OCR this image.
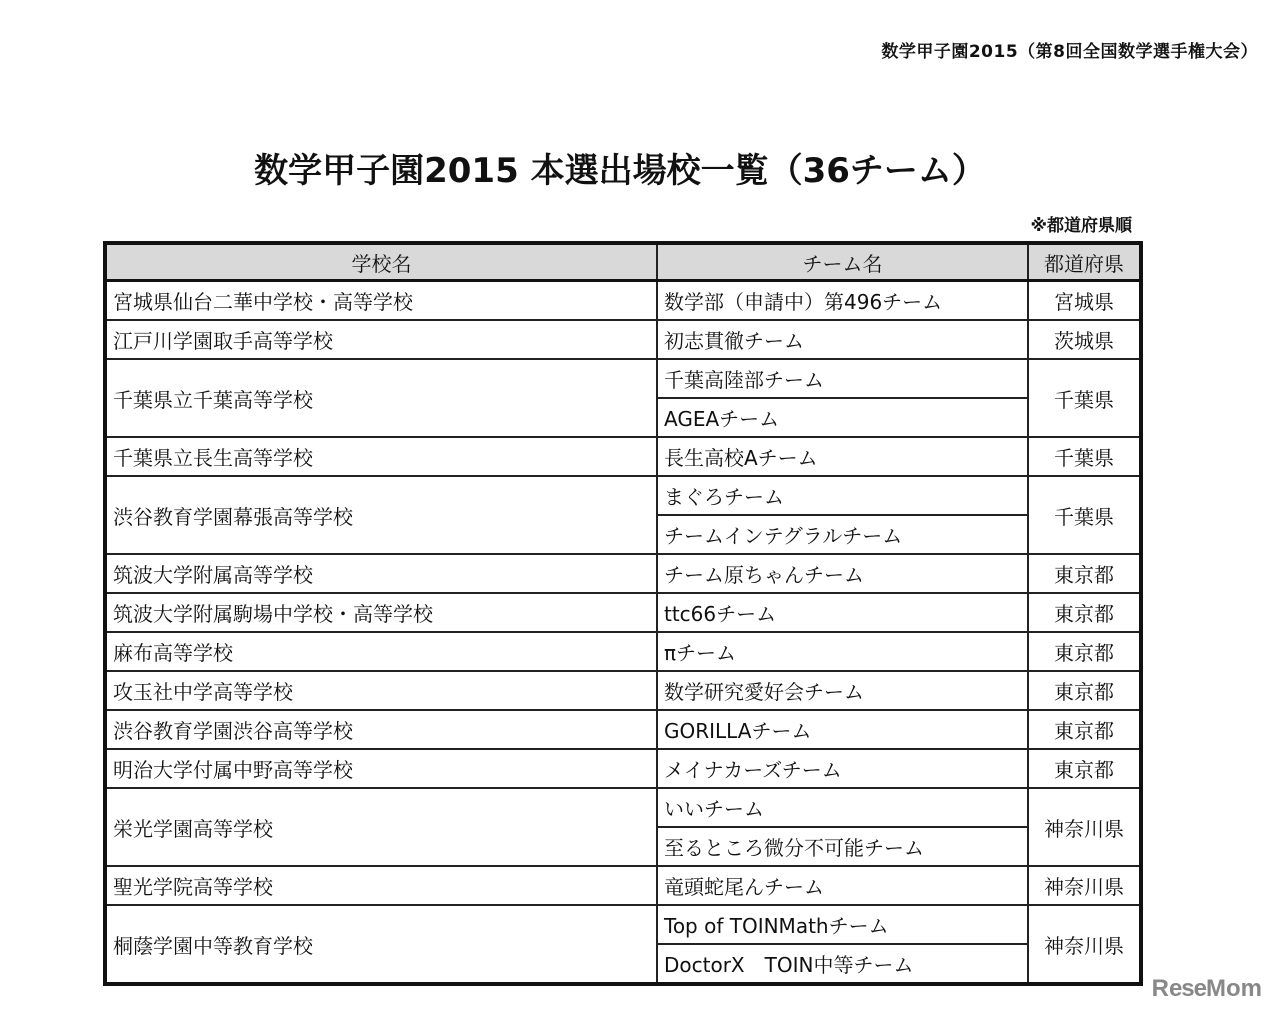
数学甲子園2015（第8回全国数学選手権大会）
数学甲子園2015 本選出場校一覧（36チーム）
※都道府県順
学校名	チーム名	都道府県
宮城県仙台二華中学校・高等学校	数学部（申請中）第496チーム	宮城県
江戸川学園取手高等学校	初志貫徹チーム	茨城県
千葉県立千葉高等学校	千葉高陸部チーム	千葉県
	AGEAチーム	
千葉県立長生高等学校	長生高校Aチーム	千葉県
渋谷教育学園幕張高等学校	まぐろチーム	千葉県
	チームインテグラルチーム	
筑波大学附属高等学校	チーム原ちゃんチーム	東京都
筑波大学附属駒場中学校・高等学校	ttc66チーム	東京都
麻布高等学校	πチーム	東京都
攻玉社中学高等学校	数学研究愛好会チーム	東京都
渋谷教育学園渋谷高等学校	GORILLAチーム	東京都
明治大学付属中野高等学校	メイナカーズチーム	東京都
栄光学園高等学校	いいチーム	神奈川県
	至るところ微分不可能チーム	
聖光学院高等学校	竜頭蛇尾んチーム	神奈川県
桐蔭学園中等教育学校	Top of TOINMathチーム	神奈川県
	DoctorX　TOIN中等チーム	
ReseMom
